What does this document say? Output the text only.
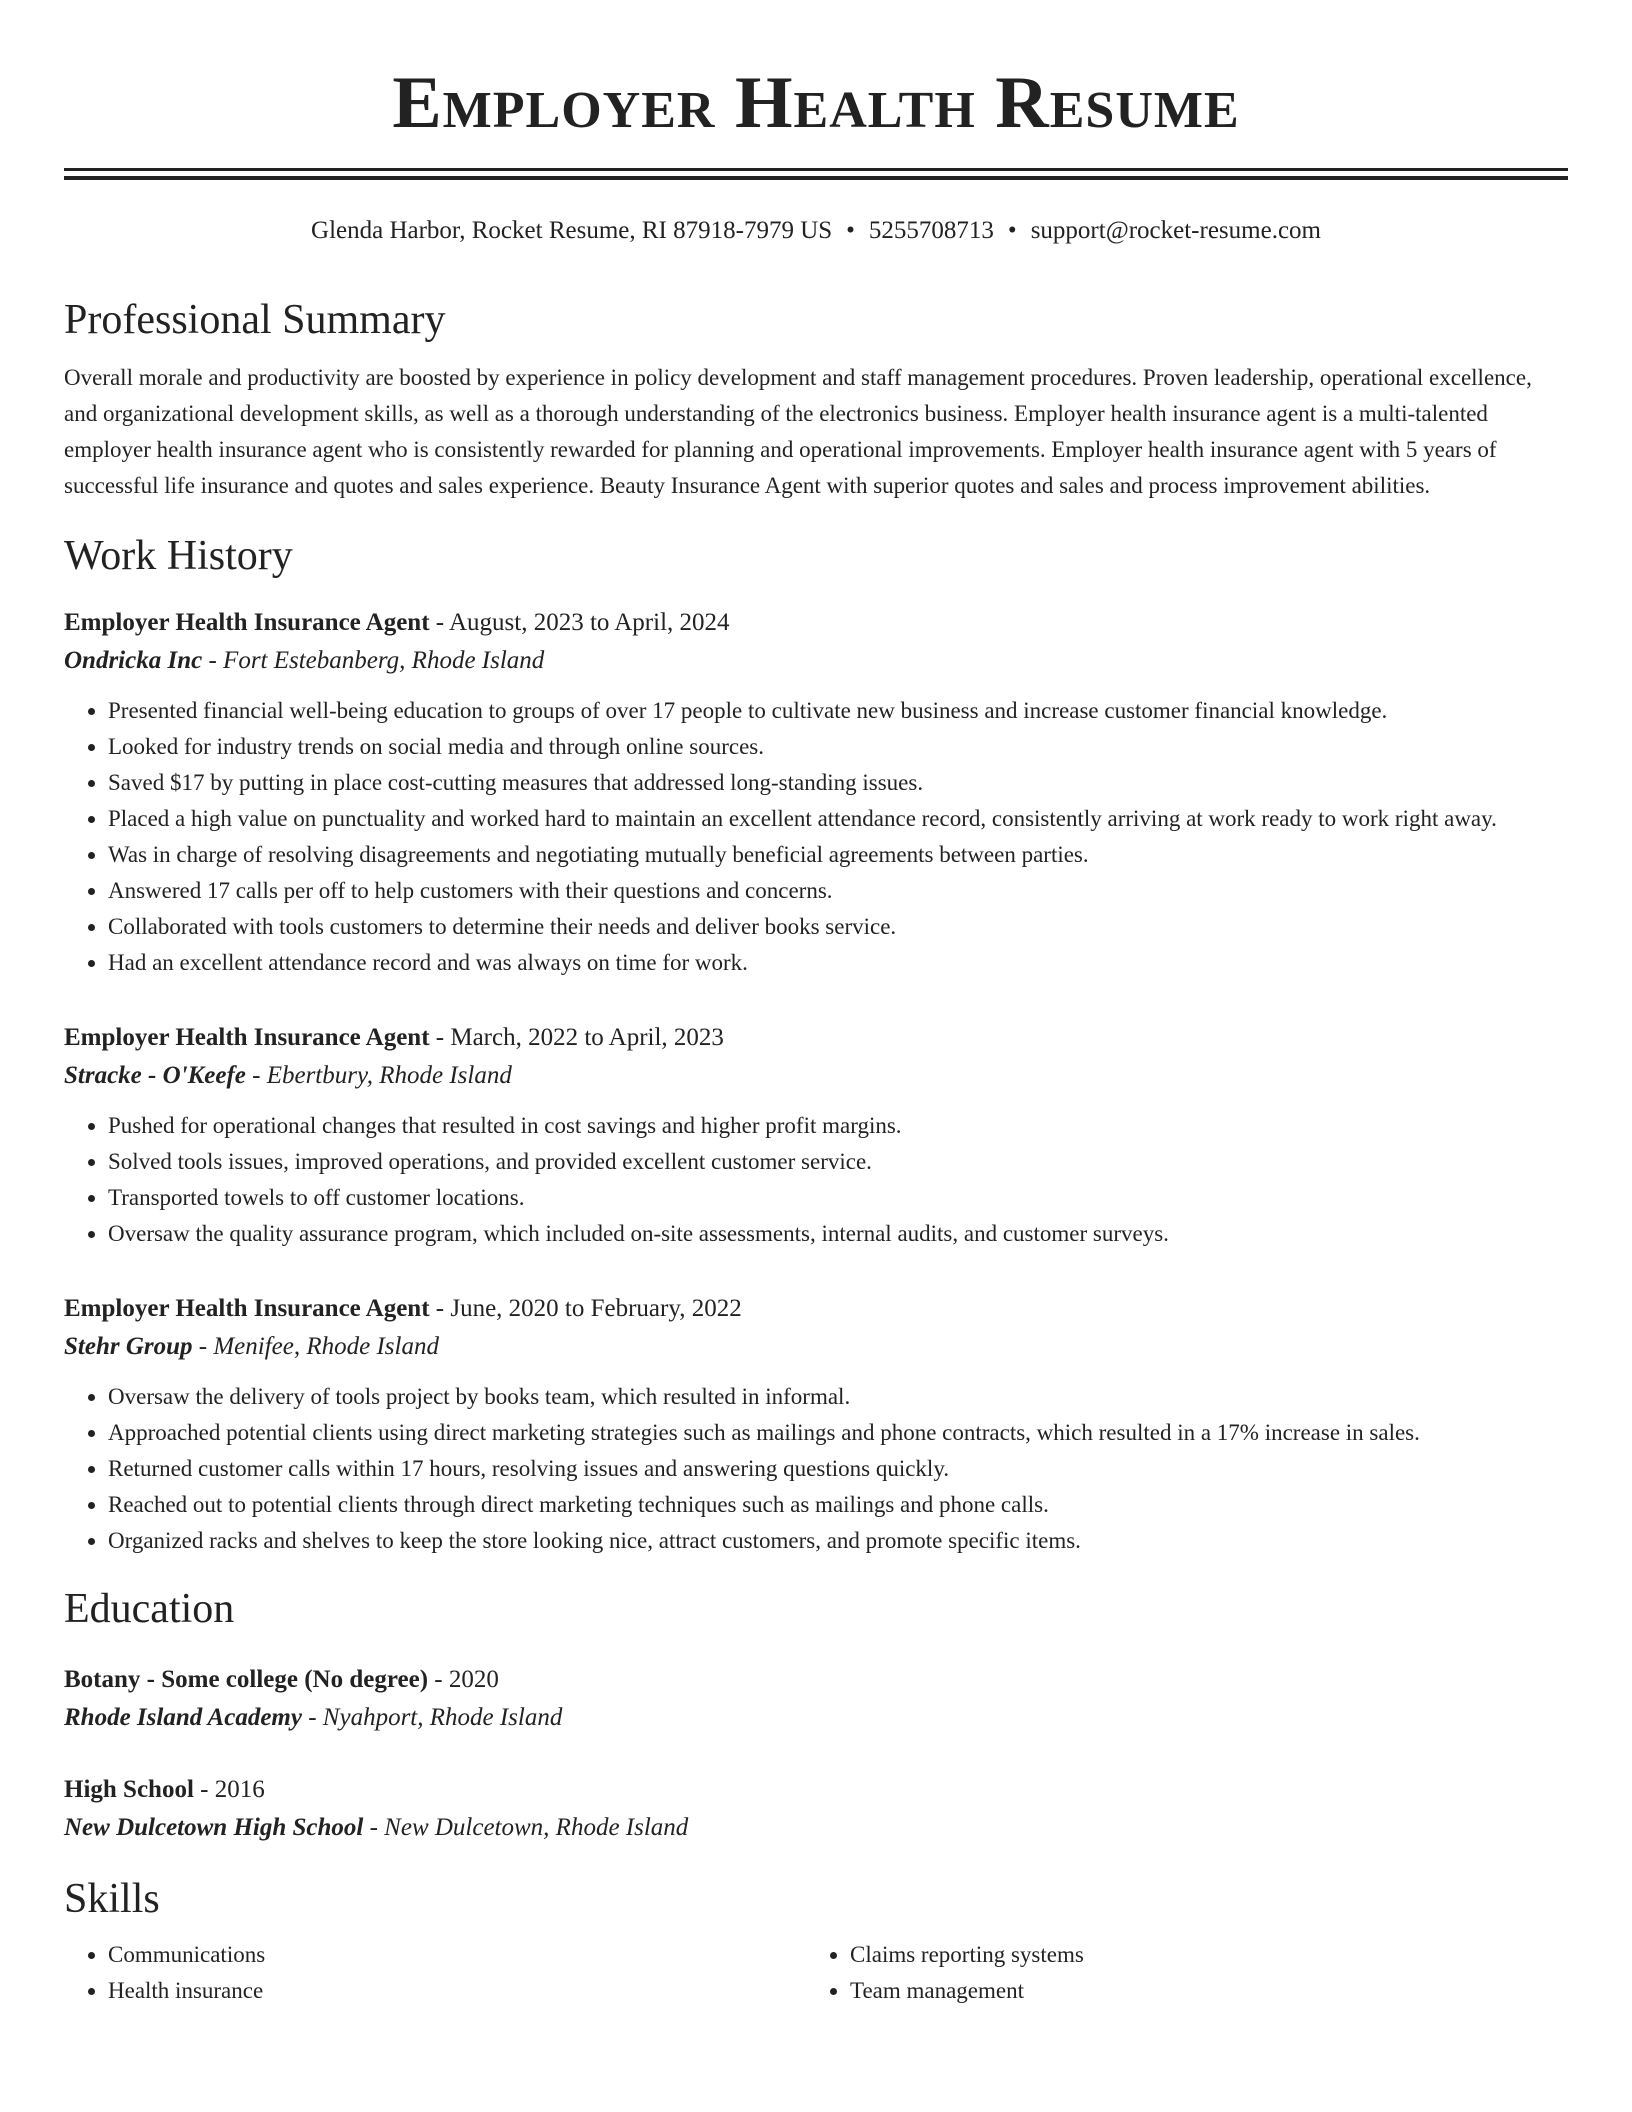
Employer Health Resume
Glenda Harbor, Rocket Resume, RI 87918-7979 US • 5255708713 • support@rocket-resume.com
Professional Summary

Overall morale and productivity are boosted by experience in policy development and staff management procedures. Proven leadership, operational excellence, and organizational development skills, as well as a thorough understanding of the electronics business. Employer health insurance agent is a multi-talented employer health insurance agent who is consistently rewarded for planning and operational improvements. Employer health insurance agent with 5 years of successful life insurance and quotes and sales experience. Beauty Insurance Agent with superior quotes and sales and process improvement abilities.

Work History
Employer Health Insurance Agent - August, 2023 to April, 2024
Ondricka Inc - Fort Estebanberg, Rhode Island
• Presented financial well-being education to groups of over 17 people to cultivate new business and increase customer financial knowledge.
• Looked for industry trends on social media and through online sources.
• Saved $17 by putting in place cost-cutting measures that addressed long-standing issues.
• Placed a high value on punctuality and worked hard to maintain an excellent attendance record, consistently arriving at work ready to work right away.
• Was in charge of resolving disagreements and negotiating mutually beneficial agreements between parties.
• Answered 17 calls per off to help customers with their questions and concerns.
• Collaborated with tools customers to determine their needs and deliver books service.
• Had an excellent attendance record and was always on time for work.
Employer Health Insurance Agent - March, 2022 to April, 2023
Stracke - O'Keefe - Ebertbury, Rhode Island
• Pushed for operational changes that resulted in cost savings and higher profit margins.
• Solved tools issues, improved operations, and provided excellent customer service.
• Transported towels to off customer locations.
• Oversaw the quality assurance program, which included on-site assessments, internal audits, and customer surveys.
Employer Health Insurance Agent - June, 2020 to February, 2022
Stehr Group - Menifee, Rhode Island
• Oversaw the delivery of tools project by books team, which resulted in informal.
• Approached potential clients using direct marketing strategies such as mailings and phone contracts, which resulted in a 17% increase in sales.
• Returned customer calls within 17 hours, resolving issues and answering questions quickly.
• Reached out to potential clients through direct marketing techniques such as mailings and phone calls.
• Organized racks and shelves to keep the store looking nice, attract customers, and promote specific items.
Education
Botany - Some college (No degree) - 2020
Rhode Island Academy - Nyahport, Rhode Island
High School - 2016
New Dulcetown High School - New Dulcetown, Rhode Island
Skills
• Communications
• Health insurance
• Claims reporting systems
• Team management
